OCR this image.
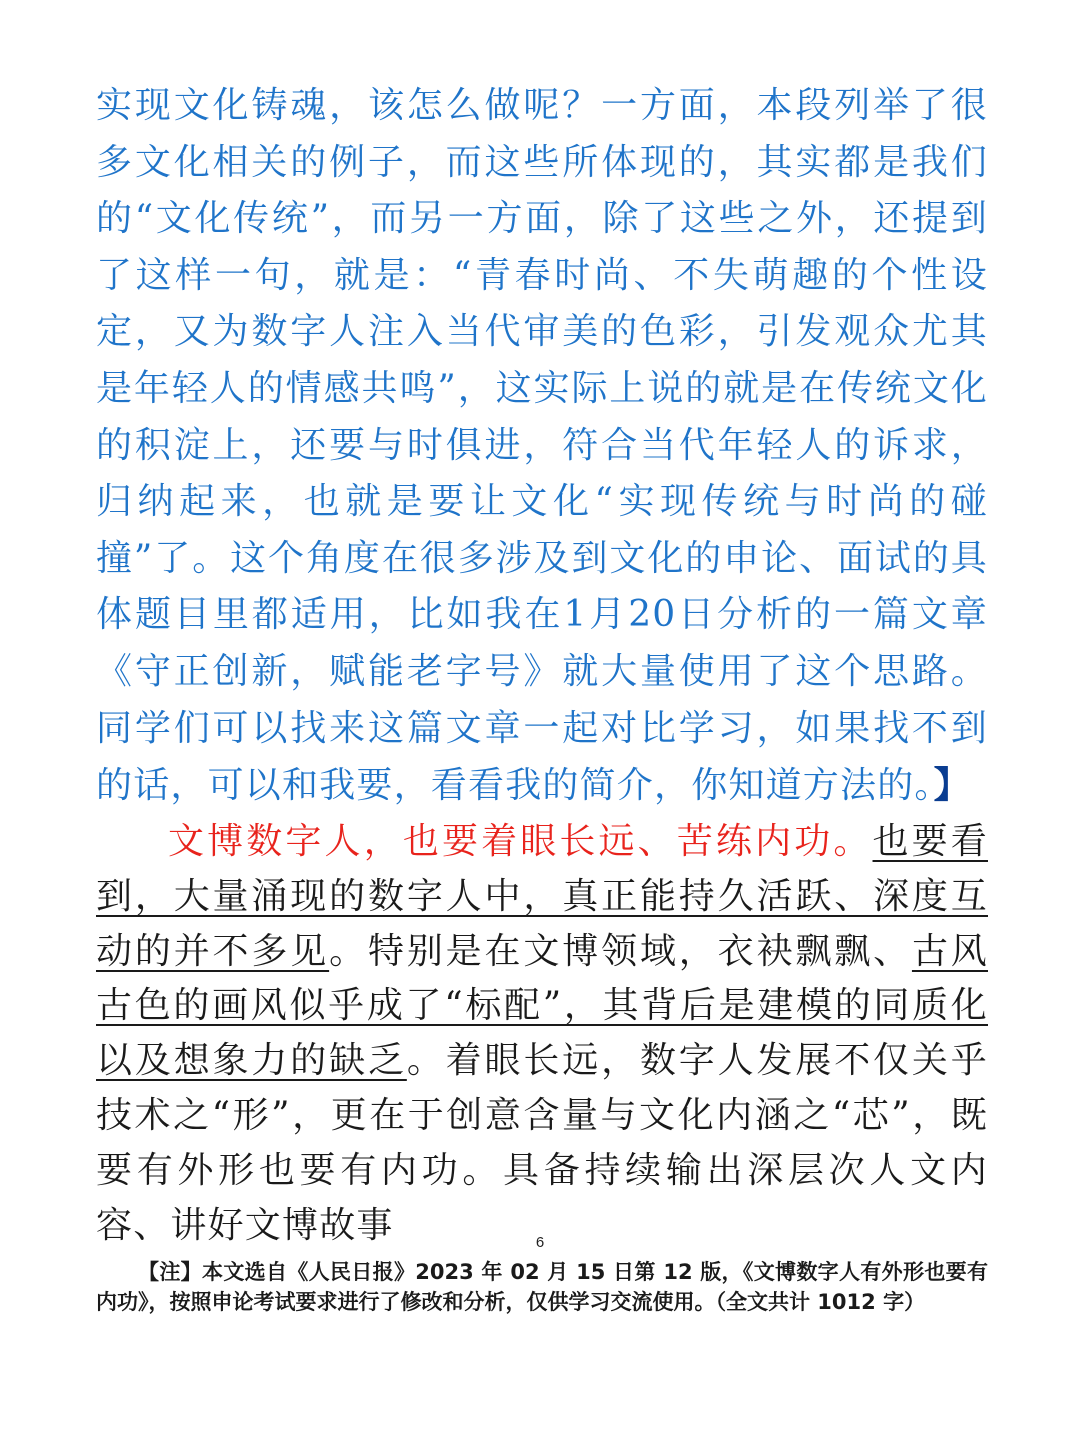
实现文化铸魂，该怎么做呢？一方面，本段列举了很多文化相关的例子，而这些所体现的，其实都是我们的“文化传统”，而另一方面，除了这些之外，还提到了这样一句，就是：“青春时尚、不失萌趣的个性设定，又为数字人注入当代审美的色彩，引发观众尤其是年轻人的情感共鸣”，这实际上说的就是在传统文化的积淀上，还要与时俱进，符合当代年轻人的诉求，归纳起来，也就是要让文化“实现传统与时尚的碰撞”了。这个角度在很多涉及到文化的申论、面试的具体题目里都适用，比如我在1月20日分析的一篇文章《守正创新，赋能老字号》就大量使用了这个思路。同学们可以找来这篇文章一起对比学习，如果找不到的话，可以和我要，看看我的简介，你知道方法的。】
文博数字人，也要着眼长远、苦练内功。也要看到，大量涌现的数字人中，真正能持久活跃、深度互动的并不多见。特别是在文博领域，衣袂飘飘、古风古色的画风似乎成了“标配”，其背后是建模的同质化以及想象力的缺乏。着眼长远，数字人发展不仅关乎技术之“形”，更在于创意含量与文化内涵之“芯”，既要有外形也要有内功。具备持续输出深层次人文内容、讲好文博故事	6
【注】本文选自《人民日报》2023 年 02 月 15 日第 12 版，《文博数字人有外形也要有内功》，按照申论考试要求进行了修改和分析，仅供学习交流使用。（全文共计 1012 字）
